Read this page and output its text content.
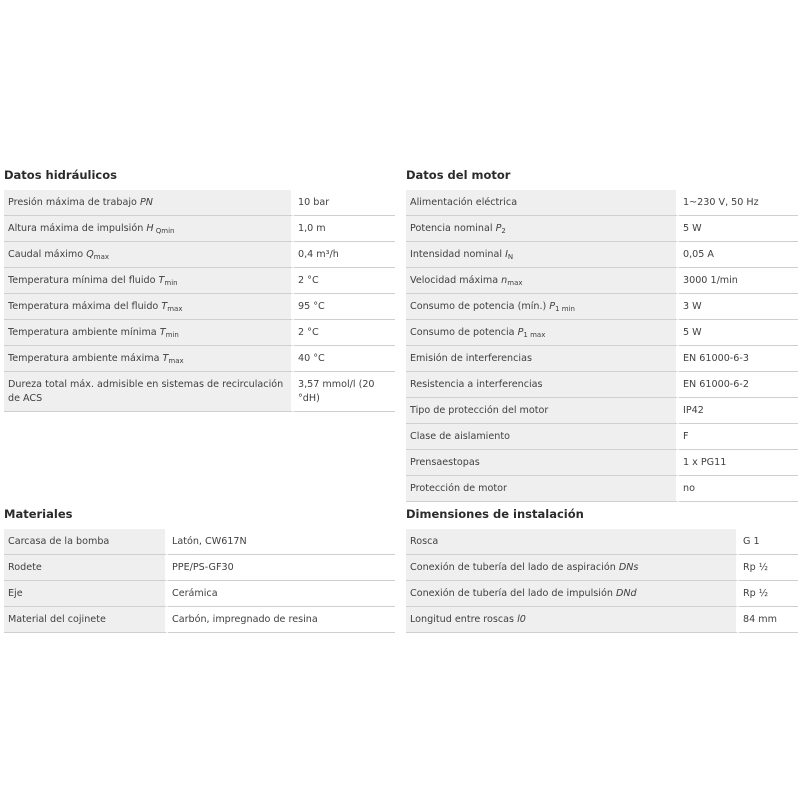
Datos hidráulicos
Presión máxima de trabajo PN	10 bar
Altura máxima de impulsión H $_{Qmin}$	1,0 m
Caudal máximo $Q_{max}$	0,4 m³/h
Temperatura mínima del fluido $T_{min}$	2 °C
Temperatura máxima del fluido $T_{max}$	95 °C
Temperatura ambiente mínima $T_{min}$	2 °C
Temperatura ambiente máxima $T_{max}$	40 °C
Dureza total máx. admisible en sistemas de recirculación de ACS	3,57 mmol/l (20 °dH)
Datos del motor
Alimentación eléctrica	1~230 V, 50 Hz
Potencia nominal $P_2$	5 W
Intensidad nominal $I_N$	0,05 A
Velocidad máxima $n_{max}$	3000 1/min
Consumo de potencia (mín.) $P_{1 min}$	3 W
Consumo de potencia $P_{1 max}$	5 W
Emisión de interferencias	EN 61000-6-3
Resistencia a interferencias	EN 61000-6-2
Tipo de protección del motor	IP42
Clase de aislamiento	F
Prensaestopas	1 x PG11
Protección de motor	no
Materiales
Carcasa de la bomba	Latón, CW617N
Rodete	PPE/PS-GF30
Eje	Cerámica
Material del cojinete	Carbón, impregnado de resina
Dimensiones de instalación
Rosca	G 1
Conexión de tubería del lado de aspiración DNs	Rp ½
Conexión de tubería del lado de impulsión DNd	Rp ½
Longitud entre roscas l0	84 mm
